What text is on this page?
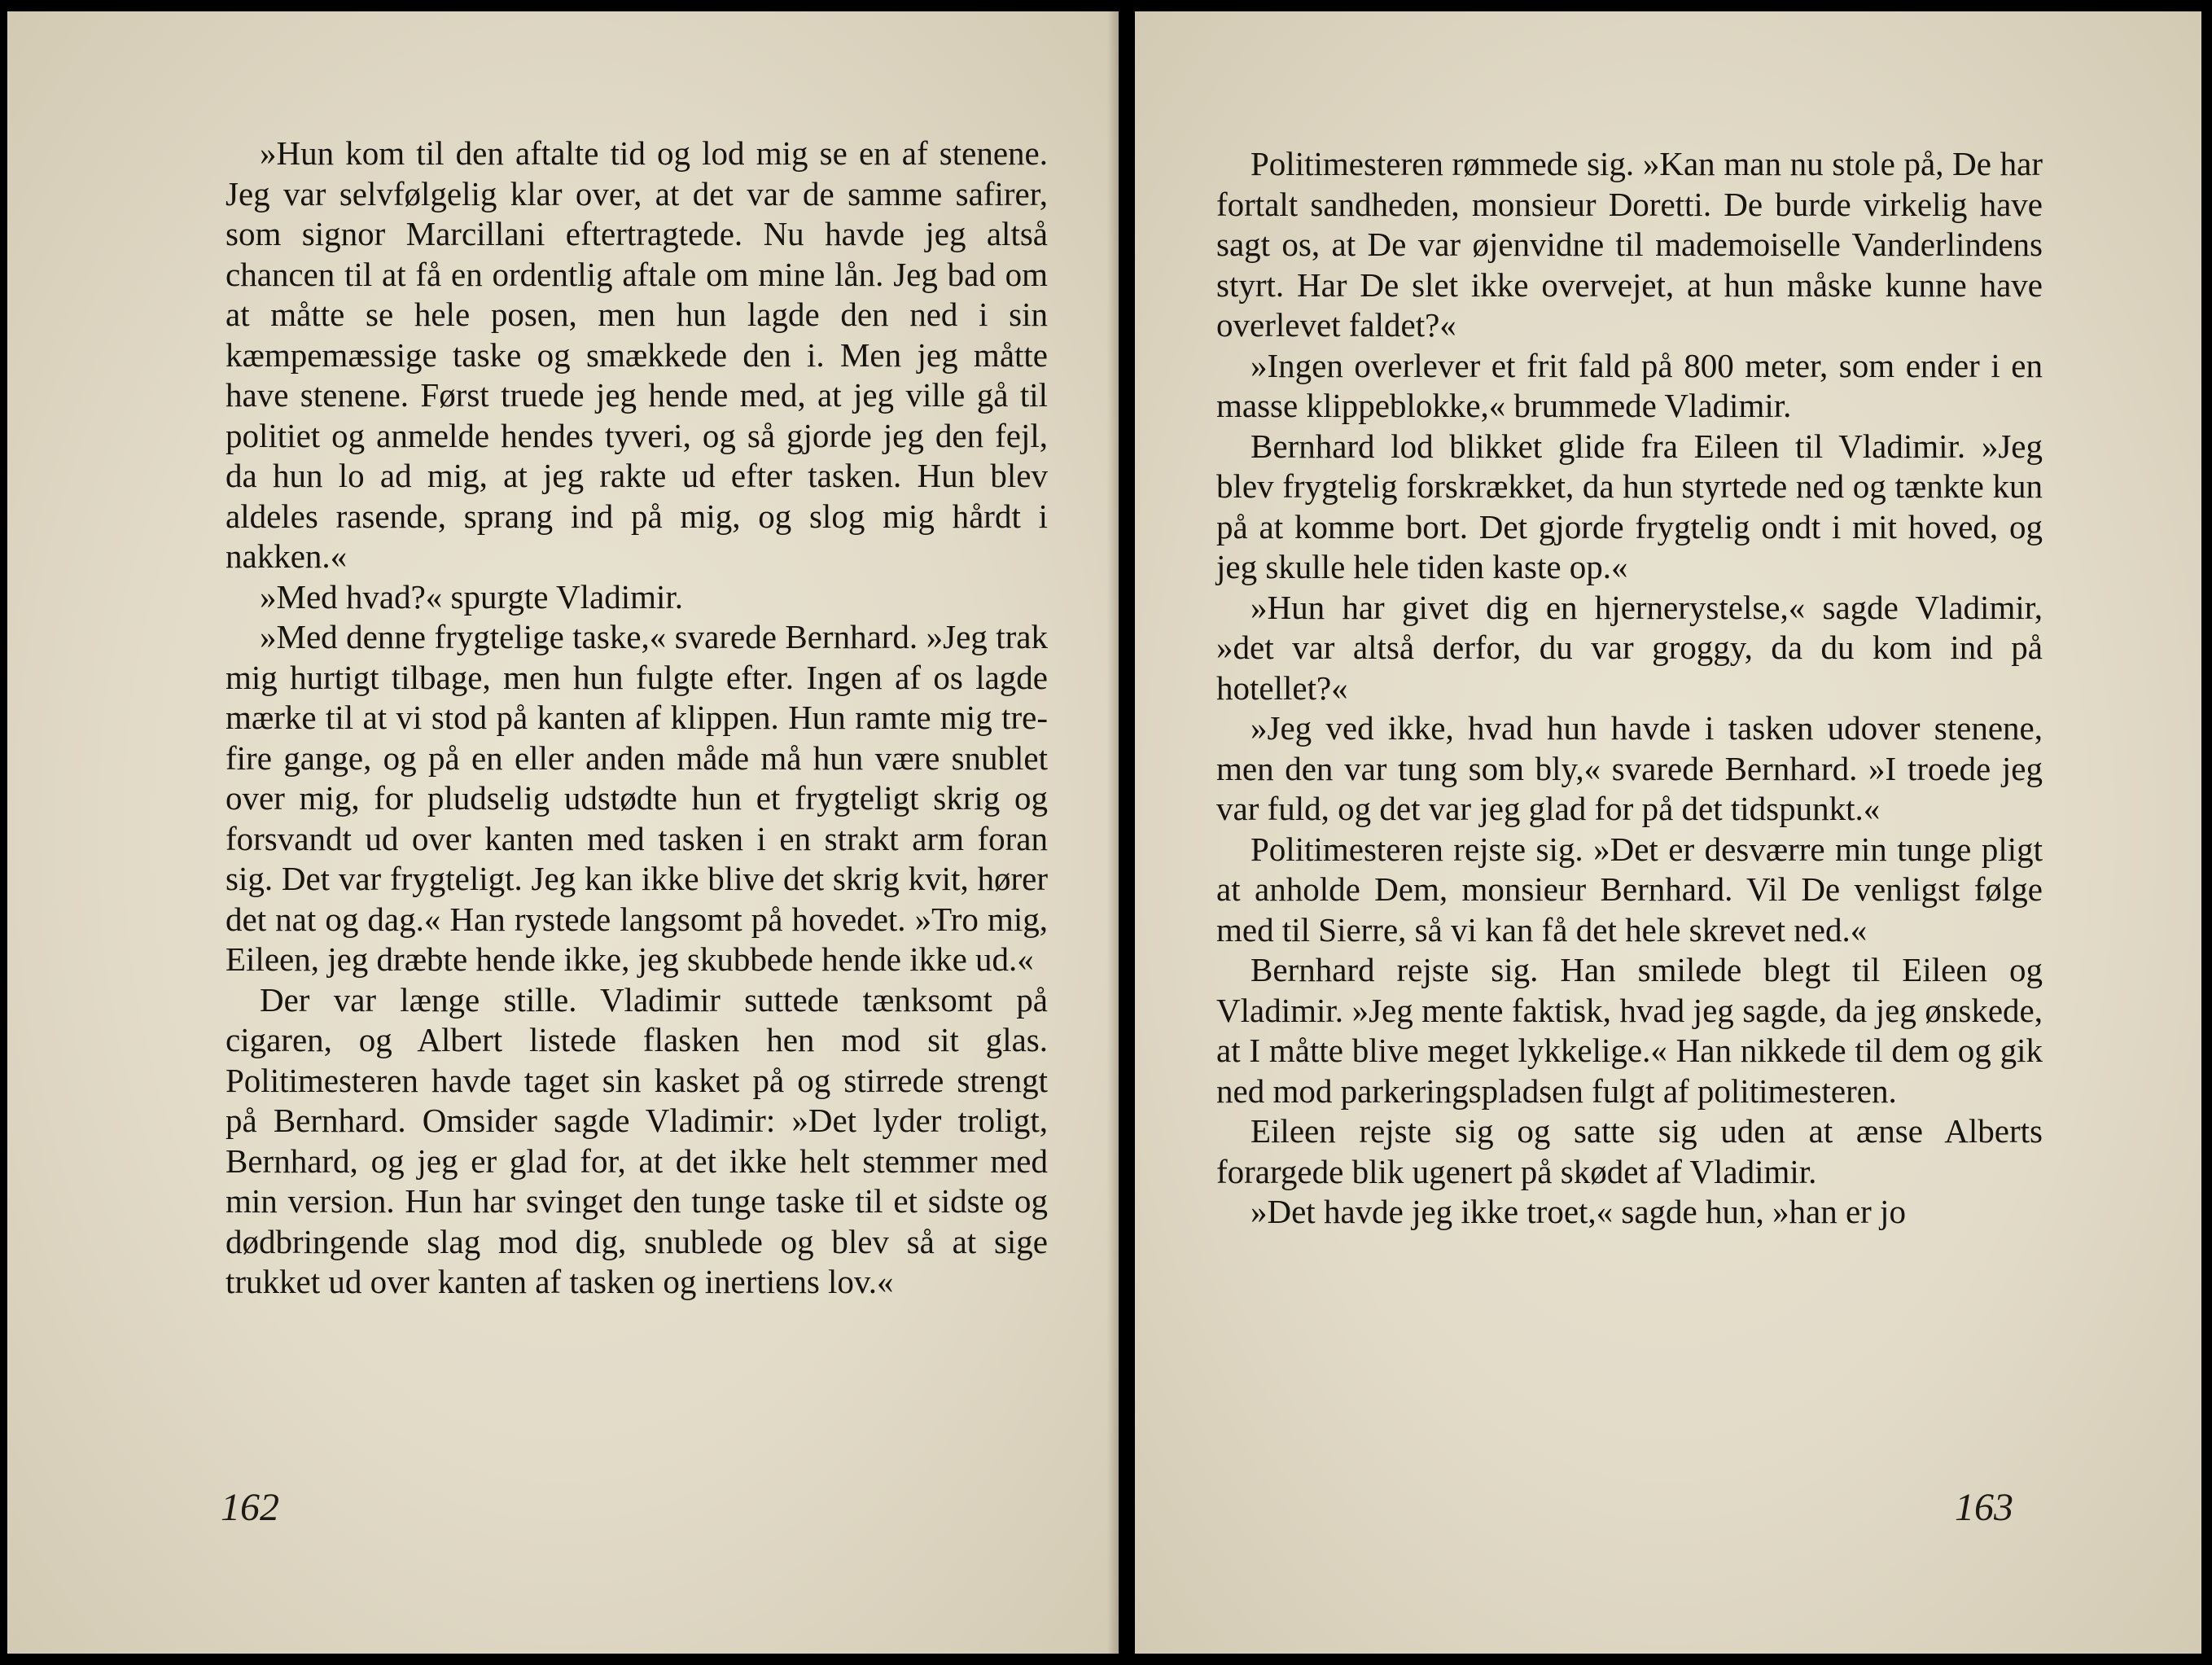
»Hun kom til den aftalte tid og lod mig se en af stenene. Jeg var selvfølgelig klar over, at det var de samme safirer, som signor Marcillani eftertragtede. Nu havde jeg altså chancen til at få en ordentlig aftale om mine lån. Jeg bad om at måtte se hele posen, men hun lagde den ned i sin kæmpemæssige taske og smækkede den i. Men jeg måtte have stenene. Først truede jeg hende med, at jeg ville gå til politiet og anmelde hendes tyveri, og så gjorde jeg den fejl, da hun lo ad mig, at jeg rakte ud efter tasken. Hun blev aldeles rasende, sprang ind på mig, og slog mig hårdt i nakken.«

»Med hvad?« spurgte Vladimir.

»Med denne frygtelige taske,« svarede Bernhard. »Jeg trak mig hurtigt tilbage, men hun fulgte efter. Ingen af os lagde mærke til at vi stod på kanten af klippen. Hun ramte mig tre-fire gange, og på en eller anden måde må hun være snublet over mig, for pludselig udstødte hun et frygteligt skrig og forsvandt ud over kanten med tasken i en strakt arm foran sig. Det var frygteligt. Jeg kan ikke blive det skrig kvit, hører det nat og dag.« Han rystede langsomt på hovedet. »Tro mig, Eileen, jeg dræbte hende ikke, jeg skubbede hende ikke ud.«

Der var længe stille. Vladimir suttede tænksomt på cigaren, og Albert listede flasken hen mod sit glas. Politimesteren havde taget sin kasket på og stirrede strengt på Bernhard. Omsider sagde Vladimir: »Det lyder troligt, Bernhard, og jeg er glad for, at det ikke helt stemmer med min version. Hun har svinget den tunge taske til et sidste og dødbringende slag mod dig, snublede og blev så at sige trukket ud over kanten af tasken og inertiens lov.«

162

Politimesteren rømmede sig. »Kan man nu stole på, De har fortalt sandheden, monsieur Doretti. De burde virkelig have sagt os, at De var øjenvidne til mademoiselle Vanderlindens styrt. Har De slet ikke overvejet, at hun måske kunne have overlevet faldet?«

»Ingen overlever et frit fald på 800 meter, som ender i en masse klippeblokke,« brummede Vladimir.

Bernhard lod blikket glide fra Eileen til Vladimir. »Jeg blev frygtelig forskrækket, da hun styrtede ned og tænkte kun på at komme bort. Det gjorde frygtelig ondt i mit hoved, og jeg skulle hele tiden kaste op.«

»Hun har givet dig en hjernerystelse,« sagde Vladimir, »det var altså derfor, du var groggy, da du kom ind på hotellet?«

»Jeg ved ikke, hvad hun havde i tasken udover stenene, men den var tung som bly,« svarede Bernhard. »I troede jeg var fuld, og det var jeg glad for på det tidspunkt.«

Politimesteren rejste sig. »Det er desværre min tunge pligt at anholde Dem, monsieur Bernhard. Vil De venligst følge med til Sierre, så vi kan få det hele skrevet ned.«

Bernhard rejste sig. Han smilede blegt til Eileen og Vladimir. »Jeg mente faktisk, hvad jeg sagde, da jeg ønskede, at I måtte blive meget lykkelige.« Han nikkede til dem og gik ned mod parkeringspladsen fulgt af politimesteren.

Eileen rejste sig og satte sig uden at ænse Alberts forargede blik ugenert på skødet af Vladimir.

»Det havde jeg ikke troet,« sagde hun, »han er jo

163
